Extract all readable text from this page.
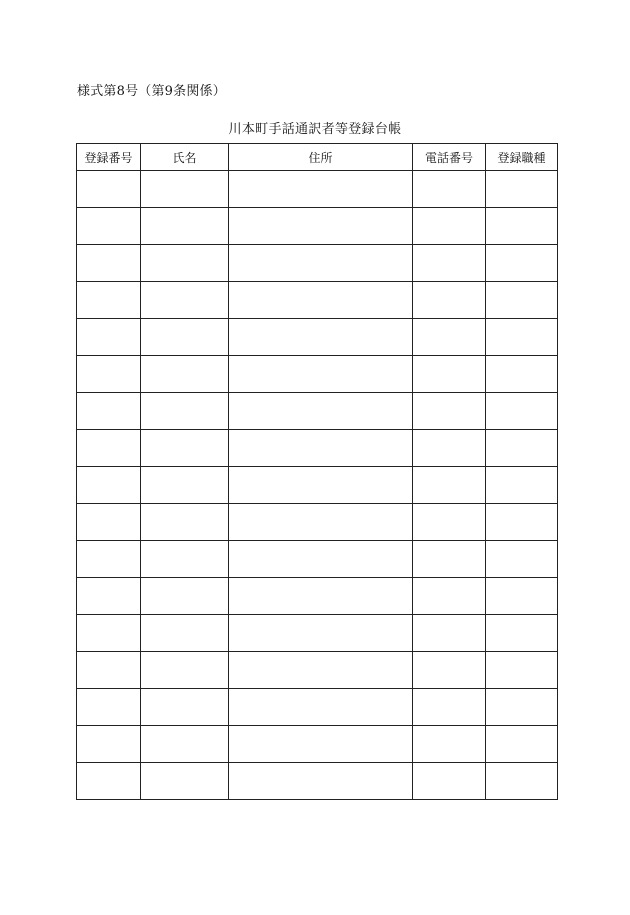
様式第8号（第9条関係）
川本町手話通訳者等登録台帳
登録番号	氏名	住所	電話番号	登録職種
